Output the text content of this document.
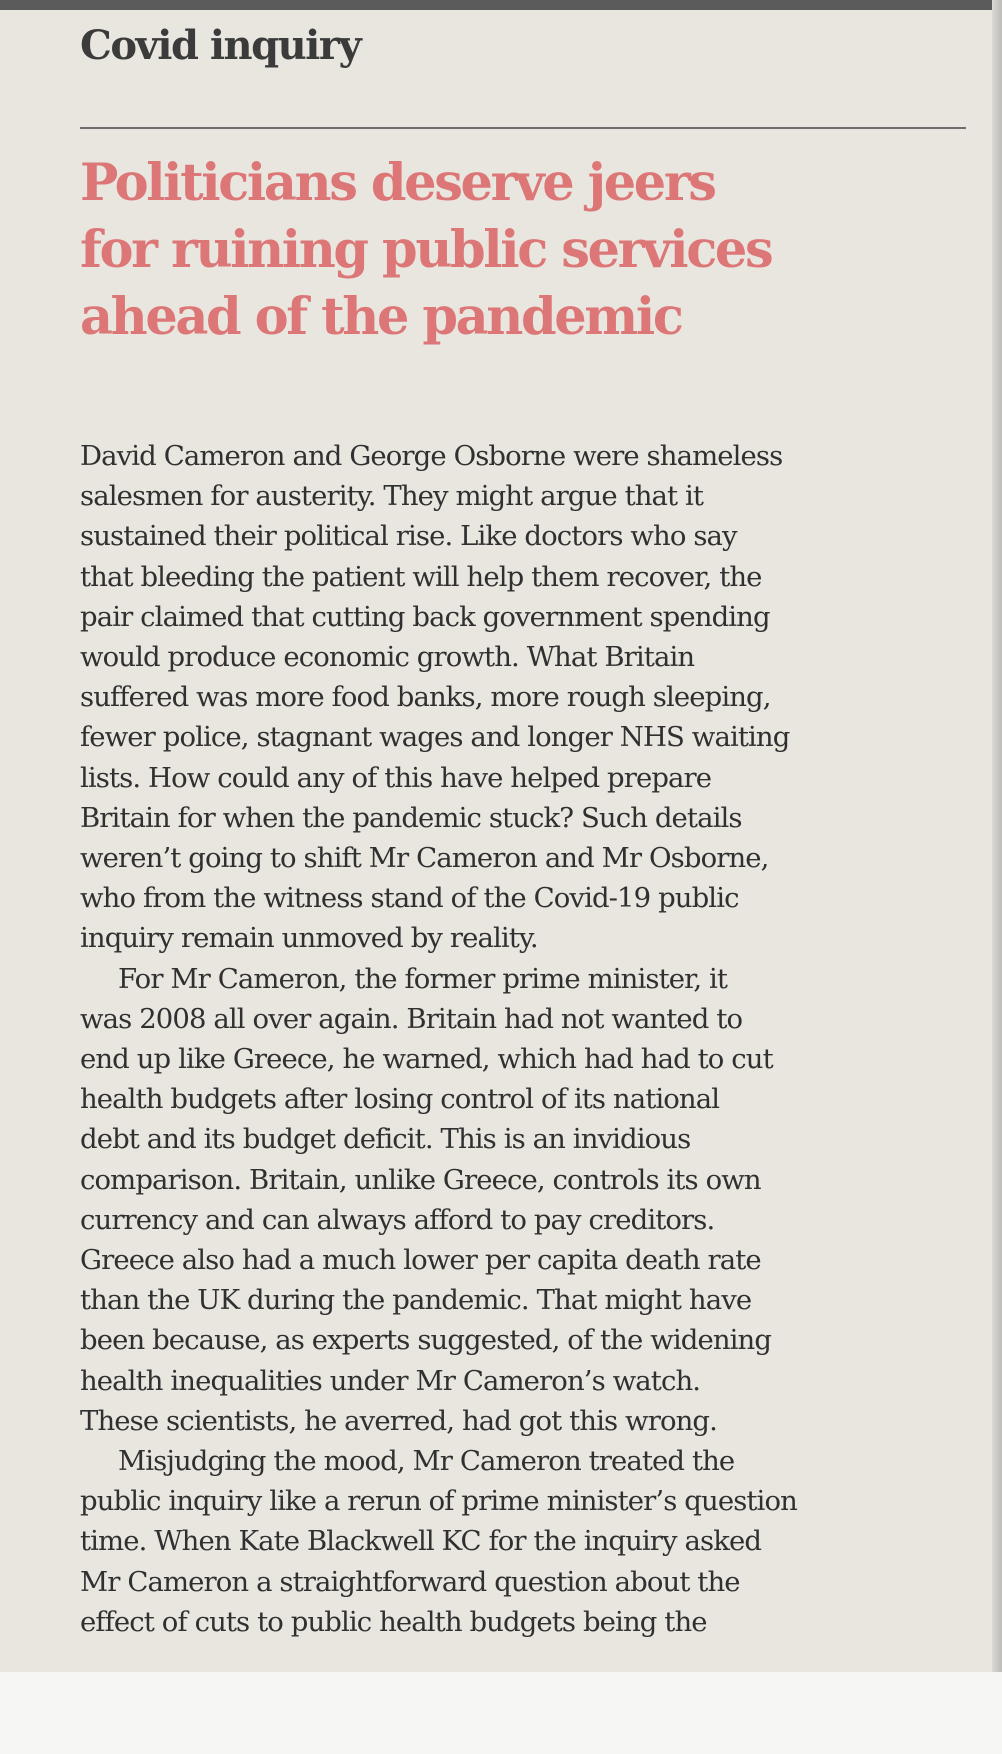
Covid inquiry
Politicians deserve jeers
for ruining public services
ahead of the pandemic
David Cameron and George Osborne were shameless
salesmen for austerity. They might argue that it
sustained their political rise. Like doctors who say
that bleeding the patient will help them recover, the
pair claimed that cutting back government spending
would produce economic growth. What Britain
suffered was more food banks, more rough sleeping,
fewer police, stagnant wages and longer NHS waiting
lists. How could any of this have helped prepare
Britain for when the pandemic stuck? Such details
weren’t going to shift Mr Cameron and Mr Osborne,
who from the witness stand of the Covid-19 public
inquiry remain unmoved by reality.
For Mr Cameron, the former prime minister, it
was 2008 all over again. Britain had not wanted to
end up like Greece, he warned, which had had to cut
health budgets after losing control of its national
debt and its budget deficit. This is an invidious
comparison. Britain, unlike Greece, controls its own
currency and can always afford to pay creditors.
Greece also had a much lower per capita death rate
than the UK during the pandemic. That might have
been because, as experts suggested, of the widening
health inequalities under Mr Cameron’s watch.
These scientists, he averred, had got this wrong.
Misjudging the mood, Mr Cameron treated the
public inquiry like a rerun of prime minister’s question
time. When Kate Blackwell KC for the inquiry asked
Mr Cameron a straightforward question about the
effect of cuts to public health budgets being the
